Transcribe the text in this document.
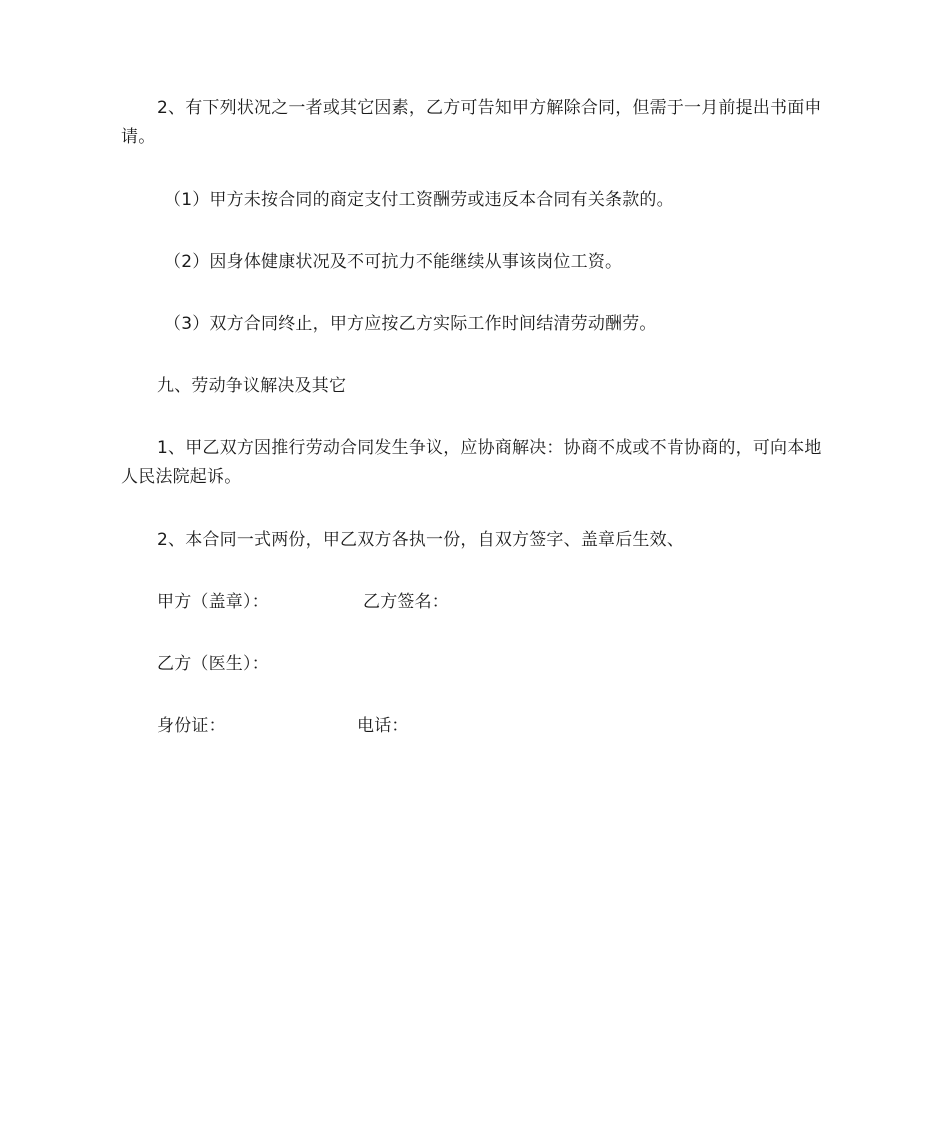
2、有下列状况之一者或其它因素，乙方可告知甲方解除合同，但需于一月前提出书面申请。
（1）甲方未按合同的商定支付工资酬劳或违反本合同有关条款的。
（2）因身体健康状况及不可抗力不能继续从事该岗位工资。
（3）双方合同终止，甲方应按乙方实际工作时间结清劳动酬劳。
九、劳动争议解决及其它
1、甲乙双方因推行劳动合同发生争议，应协商解决：协商不成或不肯协商的，可向本地人民法院起诉。
2、本合同一式两份，甲乙双方各执一份，自双方签字、盖章后生效、
甲方（盖章）：	乙方签名：
乙方（医生）：
身份证：	电话：
